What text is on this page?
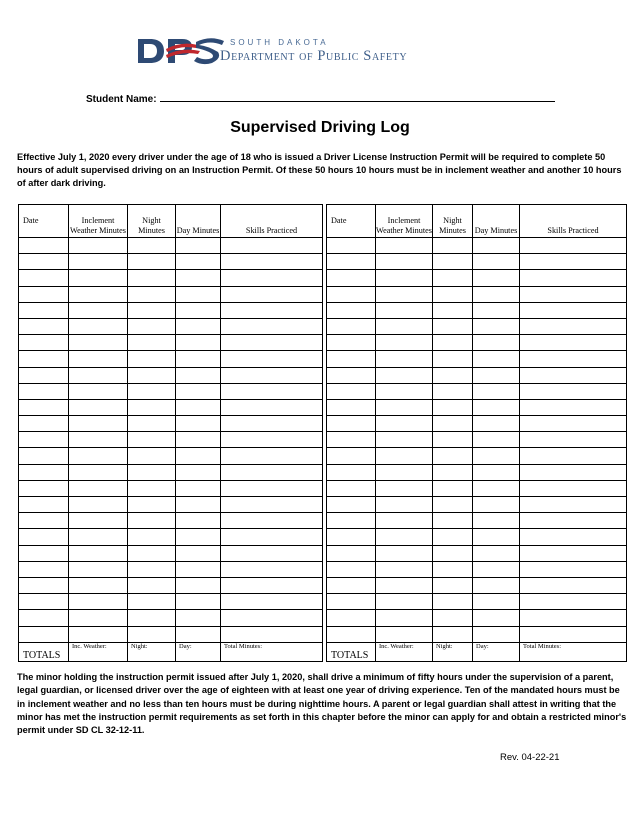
SOUTH DAKOTA
Department of Public Safety
Student Name:
Supervised Driving Log
Effective July 1, 2020 every driver under the age of 18 who is issued a Driver License Instruction Permit will be required to complete 50 hours of adult supervised driving on an Instruction Permit. Of these 50 hours 10 hours must be in inclement weather and another 10 hours of after dark driving.
Date	Inclement Weather Minutes	Night Minutes	Day Minutes	Skills Practiced		Date	Inclement Weather Minutes	Night Minutes	Day Minutes	Skills Practiced

TOTALS	Inc. Weather:	Night:	Day:	Total Minutes:		TOTALS	Inc. Weather:	Night:	Day:	Total Minutes:
The minor holding the instruction permit issued after July 1, 2020, shall drive a minimum of fifty hours under the supervision of a parent, legal guardian, or licensed driver over the age of eighteen with at least one year of driving experience. Ten of the mandated hours must be in inclement weather and no less than ten hours must be during nighttime hours. A parent or legal guardian shall attest in writing that the minor has met the instruction permit requirements as set forth in this chapter before the minor can apply for and obtain a restricted minor's permit under SD CL 32-12-11.
Rev. 04-22-21
